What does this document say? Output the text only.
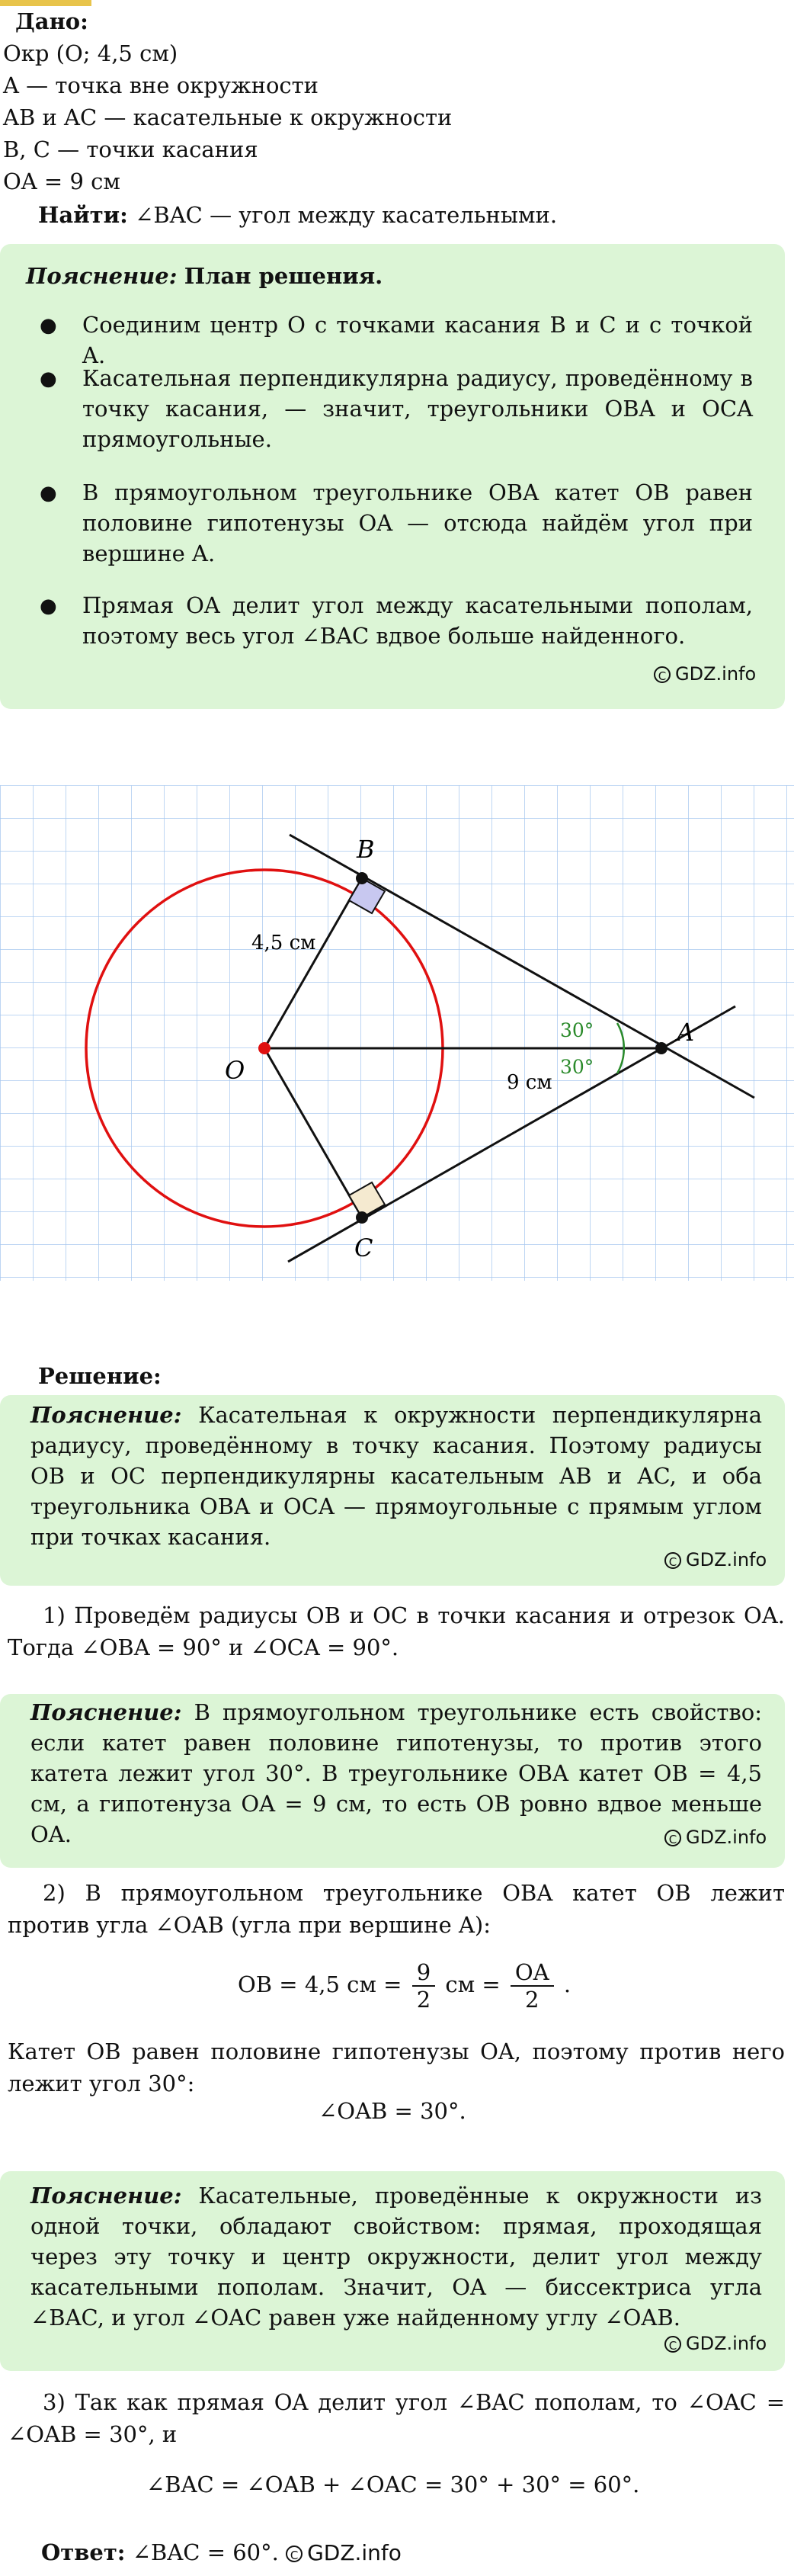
Дано:
Окр (O; 4,5 см)
A — точка вне окружности
AB и AC — касательные к окружности
B, C — точки касания
OA = 9 см
Найти: ∠BAC — угол между касательными.
Пояснение: План решения.
● Соединим центр O с точками касания B и C и с точкой A.
● Касательная перпендикулярна радиусу, проведённому в точку касания, — значит, треугольники OBA и OCA прямоугольные.
● В прямоугольном треугольнике OBA катет OB равен половине гипотенузы OA — отсюда найдём угол при вершине A.
● Прямая OA делит угол между касательными пополам, поэтому весь угол ∠BAC вдвое больше найденного.
C GDZ.info
O
B
C
A
4,5 см
9 см
30°
30°
Решение:
Пояснение: Касательная к окружности перпендикулярна радиусу, проведённому в точку касания. Поэтому радиусы OB и OC перпендикулярны касательным AB и AC, и оба треугольника OBA и OCA — прямоугольные с прямым углом при точках касания.
C GDZ.info
1) Проведём радиусы OB и OC в точки касания и отрезок OA. Тогда ∠OBA = 90° и ∠OCA = 90°.
Пояснение: В прямоугольном треугольнике есть свойство: если катет равен половине гипотенузы, то против этого катета лежит угол 30°. В треугольнике OBA катет OB = 4,5 см, а гипотенуза OA = 9 см, то есть OB ровно вдвое меньше OA.	C GDZ.info
2) В прямоугольном треугольнике OBA катет OB лежит против угла ∠OAB (угла при вершине A):
OB = 4,5 см = $\frac{9}{2}$ см = $\frac{OA}{2}$ .
Катет OB равен половине гипотенузы OA, поэтому против него лежит угол 30°:
∠OAB = 30°.
Пояснение: Касательные, проведённые к окружности из одной точки, обладают свойством: прямая, проходящая через эту точку и центр окружности, делит угол между касательными пополам. Значит, OA — биссектриса угла ∠BAC, и угол ∠OAC равен уже найденному углу ∠OAB.
C GDZ.info
3) Так как прямая OA делит угол ∠BAC пополам, то ∠OAC = ∠OAB = 30°, и
∠BAC = ∠OAB + ∠OAC = 30° + 30° = 60°.
Ответ: ∠BAC = 60°. C GDZ.info
